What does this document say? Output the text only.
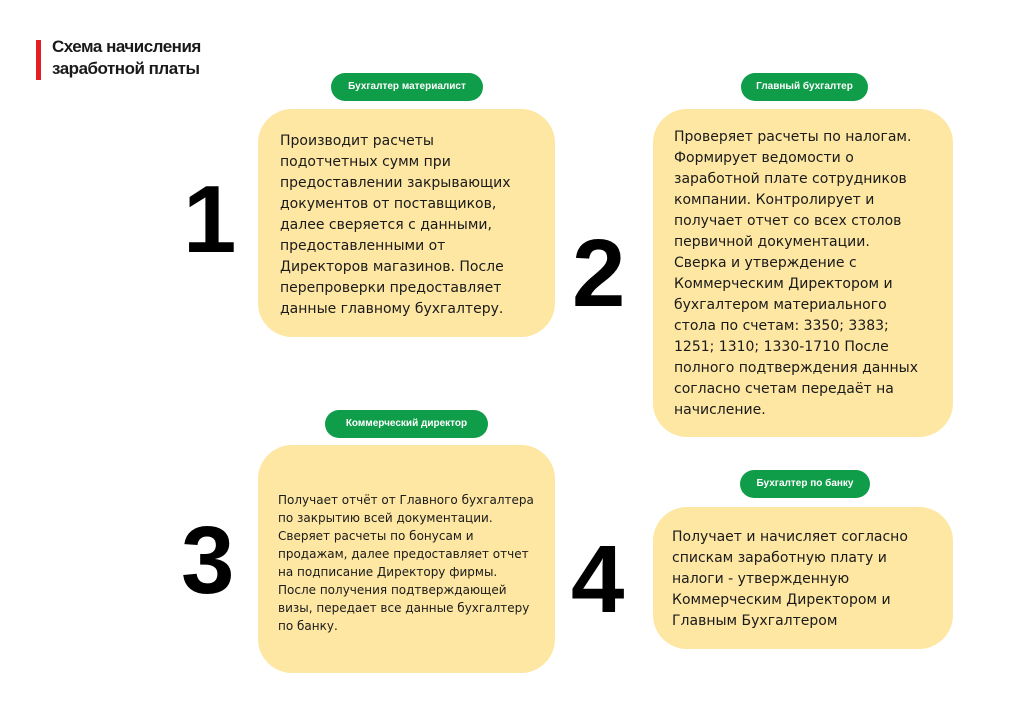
Схема начисления
заработной платы
Бухгалтер материалист

Производит расчеты
подотчетных сумм при
предоставлении закрывающих
документов от поставщиков,
далее сверяется с данными,
предоставленными от
Директоров магазинов. После
перепроверки предоставляет
данные главному бухгалтеру.

1
Главный бухгалтер

Проверяет расчеты по налогам.
Формирует ведомости о
заработной плате сотрудников
компании. Контролирует и
получает отчет со всех столов
первичной документации.
Сверка и утверждение с
Коммерческим Директором и
бухгалтером материального
стола по счетам: 3350; 3383;
1251; 1310; 1330-1710 После
полного подтверждения данных
согласно счетам передаёт на
начисление.

2
Коммерческий директор

Получает отчёт от Главного бухгалтера
по закрытию всей документации.
Сверяет расчеты по бонусам и
продажам, далее предоставляет отчет
на подписание Директору фирмы.
После получения подтверждающей
визы, передает все данные бухгалтеру
по банку.

3
Бухгалтер по банку

Получает и начисляет согласно
спискам заработную плату и
налоги - утвержденную
Коммерческим Директором и
Главным Бухгалтером

4
